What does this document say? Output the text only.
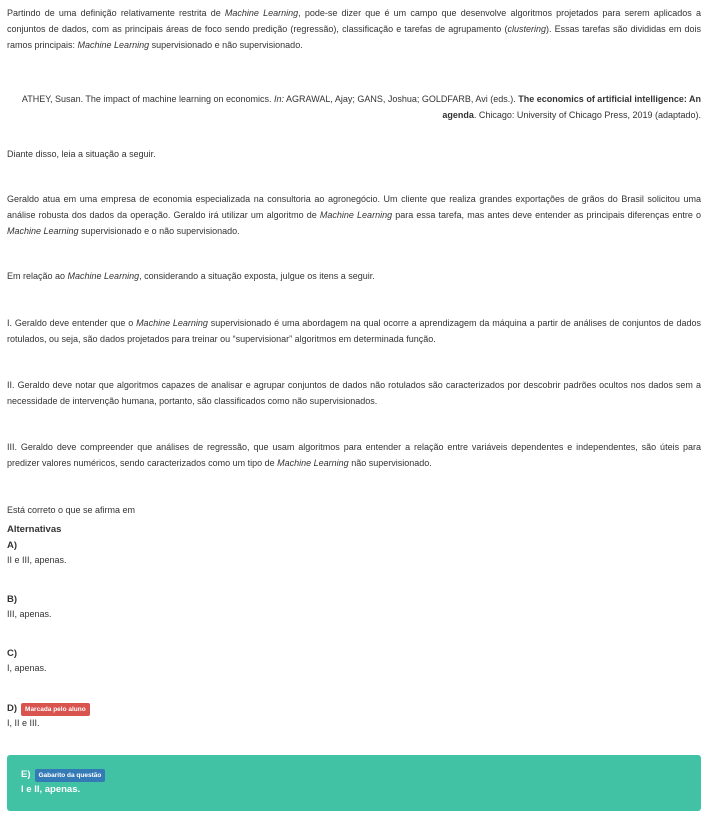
Partindo de uma definição relativamente restrita de Machine Learning, pode-se dizer que é um campo que desenvolve algoritmos projetados para serem aplicados a conjuntos de dados, com as principais áreas de foco sendo predição (regressão), classificação e tarefas de agrupamento (clustering). Essas tarefas são divididas em dois ramos principais: Machine Learning supervisionado e não supervisionado.

ATHEY, Susan. The impact of machine learning on economics. In: AGRAWAL, Ajay; GANS, Joshua; GOLDFARB, Avi (eds.). The economics of artificial intelligence: An agenda. Chicago: University of Chicago Press, 2019 (adaptado).

Diante disso, leia a situação a seguir.

Geraldo atua em uma empresa de economia especializada na consultoria ao agronegócio. Um cliente que realiza grandes exportações de grãos do Brasil solicitou uma análise robusta dos dados da operação. Geraldo irá utilizar um algoritmo de Machine Learning para essa tarefa, mas antes deve entender as principais diferenças entre o Machine Learning supervisionado e o não supervisionado.

Em relação ao Machine Learning, considerando a situação exposta, julgue os itens a seguir.

I. Geraldo deve entender que o Machine Learning supervisionado é uma abordagem na qual ocorre a aprendizagem da máquina a partir de análises de conjuntos de dados rotulados, ou seja, são dados projetados para treinar ou “supervisionar” algoritmos em determinada função.

II. Geraldo deve notar que algoritmos capazes de analisar e agrupar conjuntos de dados não rotulados são caracterizados por descobrir padrões ocultos nos dados sem a necessidade de intervenção humana, portanto, são classificados como não supervisionados.

III. Geraldo deve compreender que análises de regressão, que usam algoritmos para entender a relação entre variáveis dependentes e independentes, são úteis para predizer valores numéricos, sendo caracterizados como um tipo de Machine Learning não supervisionado.

Está correto o que se afirma em

Alternativas
A)
II e III, apenas.
B)
III, apenas.
C)
I, apenas.
D)	Marcada pelo aluno
I, II e III.
E)	Gabarito da questão
I e II, apenas.
